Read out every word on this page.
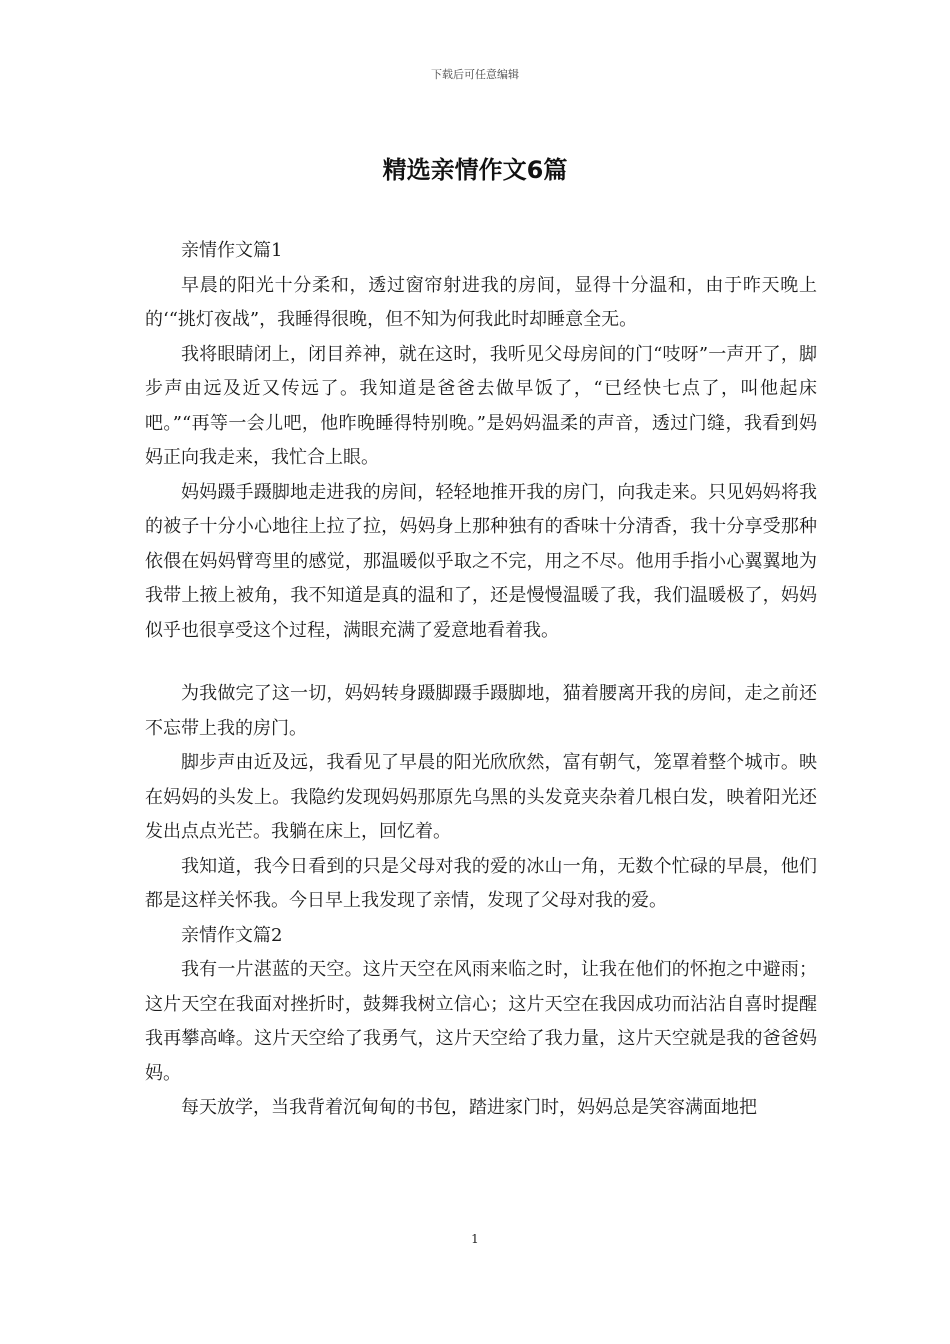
下载后可任意编辑
精选亲情作文6篇

亲情作文篇1

早晨的阳光十分柔和，透过窗帘射进我的房间，显得十分温和，由于昨天晚上的‘“挑灯夜战”，我睡得很晚，但不知为何我此时却睡意全无。

我将眼睛闭上，闭目养神，就在这时，我听见父母房间的门“吱呀”一声开了，脚步声由远及近又传远了。我知道是爸爸去做早饭了，“已经快七点了，叫他起床吧。”“再等一会儿吧，他昨晚睡得特别晚。”是妈妈温柔的声音，透过门缝，我看到妈妈正向我走来，我忙合上眼。

妈妈蹑手蹑脚地走进我的房间，轻轻地推开我的房门，向我走来。只见妈妈将我的被子十分小心地往上拉了拉，妈妈身上那种独有的香味十分清香，我十分享受那种依偎在妈妈臂弯里的感觉，那温暖似乎取之不完，用之不尽。他用手指小心翼翼地为我带上掖上被角，我不知道是真的温和了，还是慢慢温暖了我，我们温暖极了，妈妈似乎也很享受这个过程，满眼充满了爱意地看着我。

为我做完了这一切，妈妈转身蹑脚蹑手蹑脚地，猫着腰离开我的房间，走之前还不忘带上我的房门。

脚步声由近及远，我看见了早晨的阳光欣欣然，富有朝气，笼罩着整个城市。映在妈妈的头发上。我隐约发现妈妈那原先乌黑的头发竟夹杂着几根白发，映着阳光还发出点点光芒。我躺在床上，回忆着。

我知道，我今日看到的只是父母对我的爱的冰山一角，无数个忙碌的早晨，他们都是这样关怀我。今日早上我发现了亲情，发现了父母对我的爱。

亲情作文篇2

我有一片湛蓝的天空。这片天空在风雨来临之时，让我在他们的怀抱之中避雨；这片天空在我面对挫折时，鼓舞我树立信心；这片天空在我因成功而沾沾自喜时提醒我再攀高峰。这片天空给了我勇气，这片天空给了我力量，这片天空就是我的爸爸妈妈。

每天放学，当我背着沉甸甸的书包，踏进家门时，妈妈总是笑容满面地把

1
